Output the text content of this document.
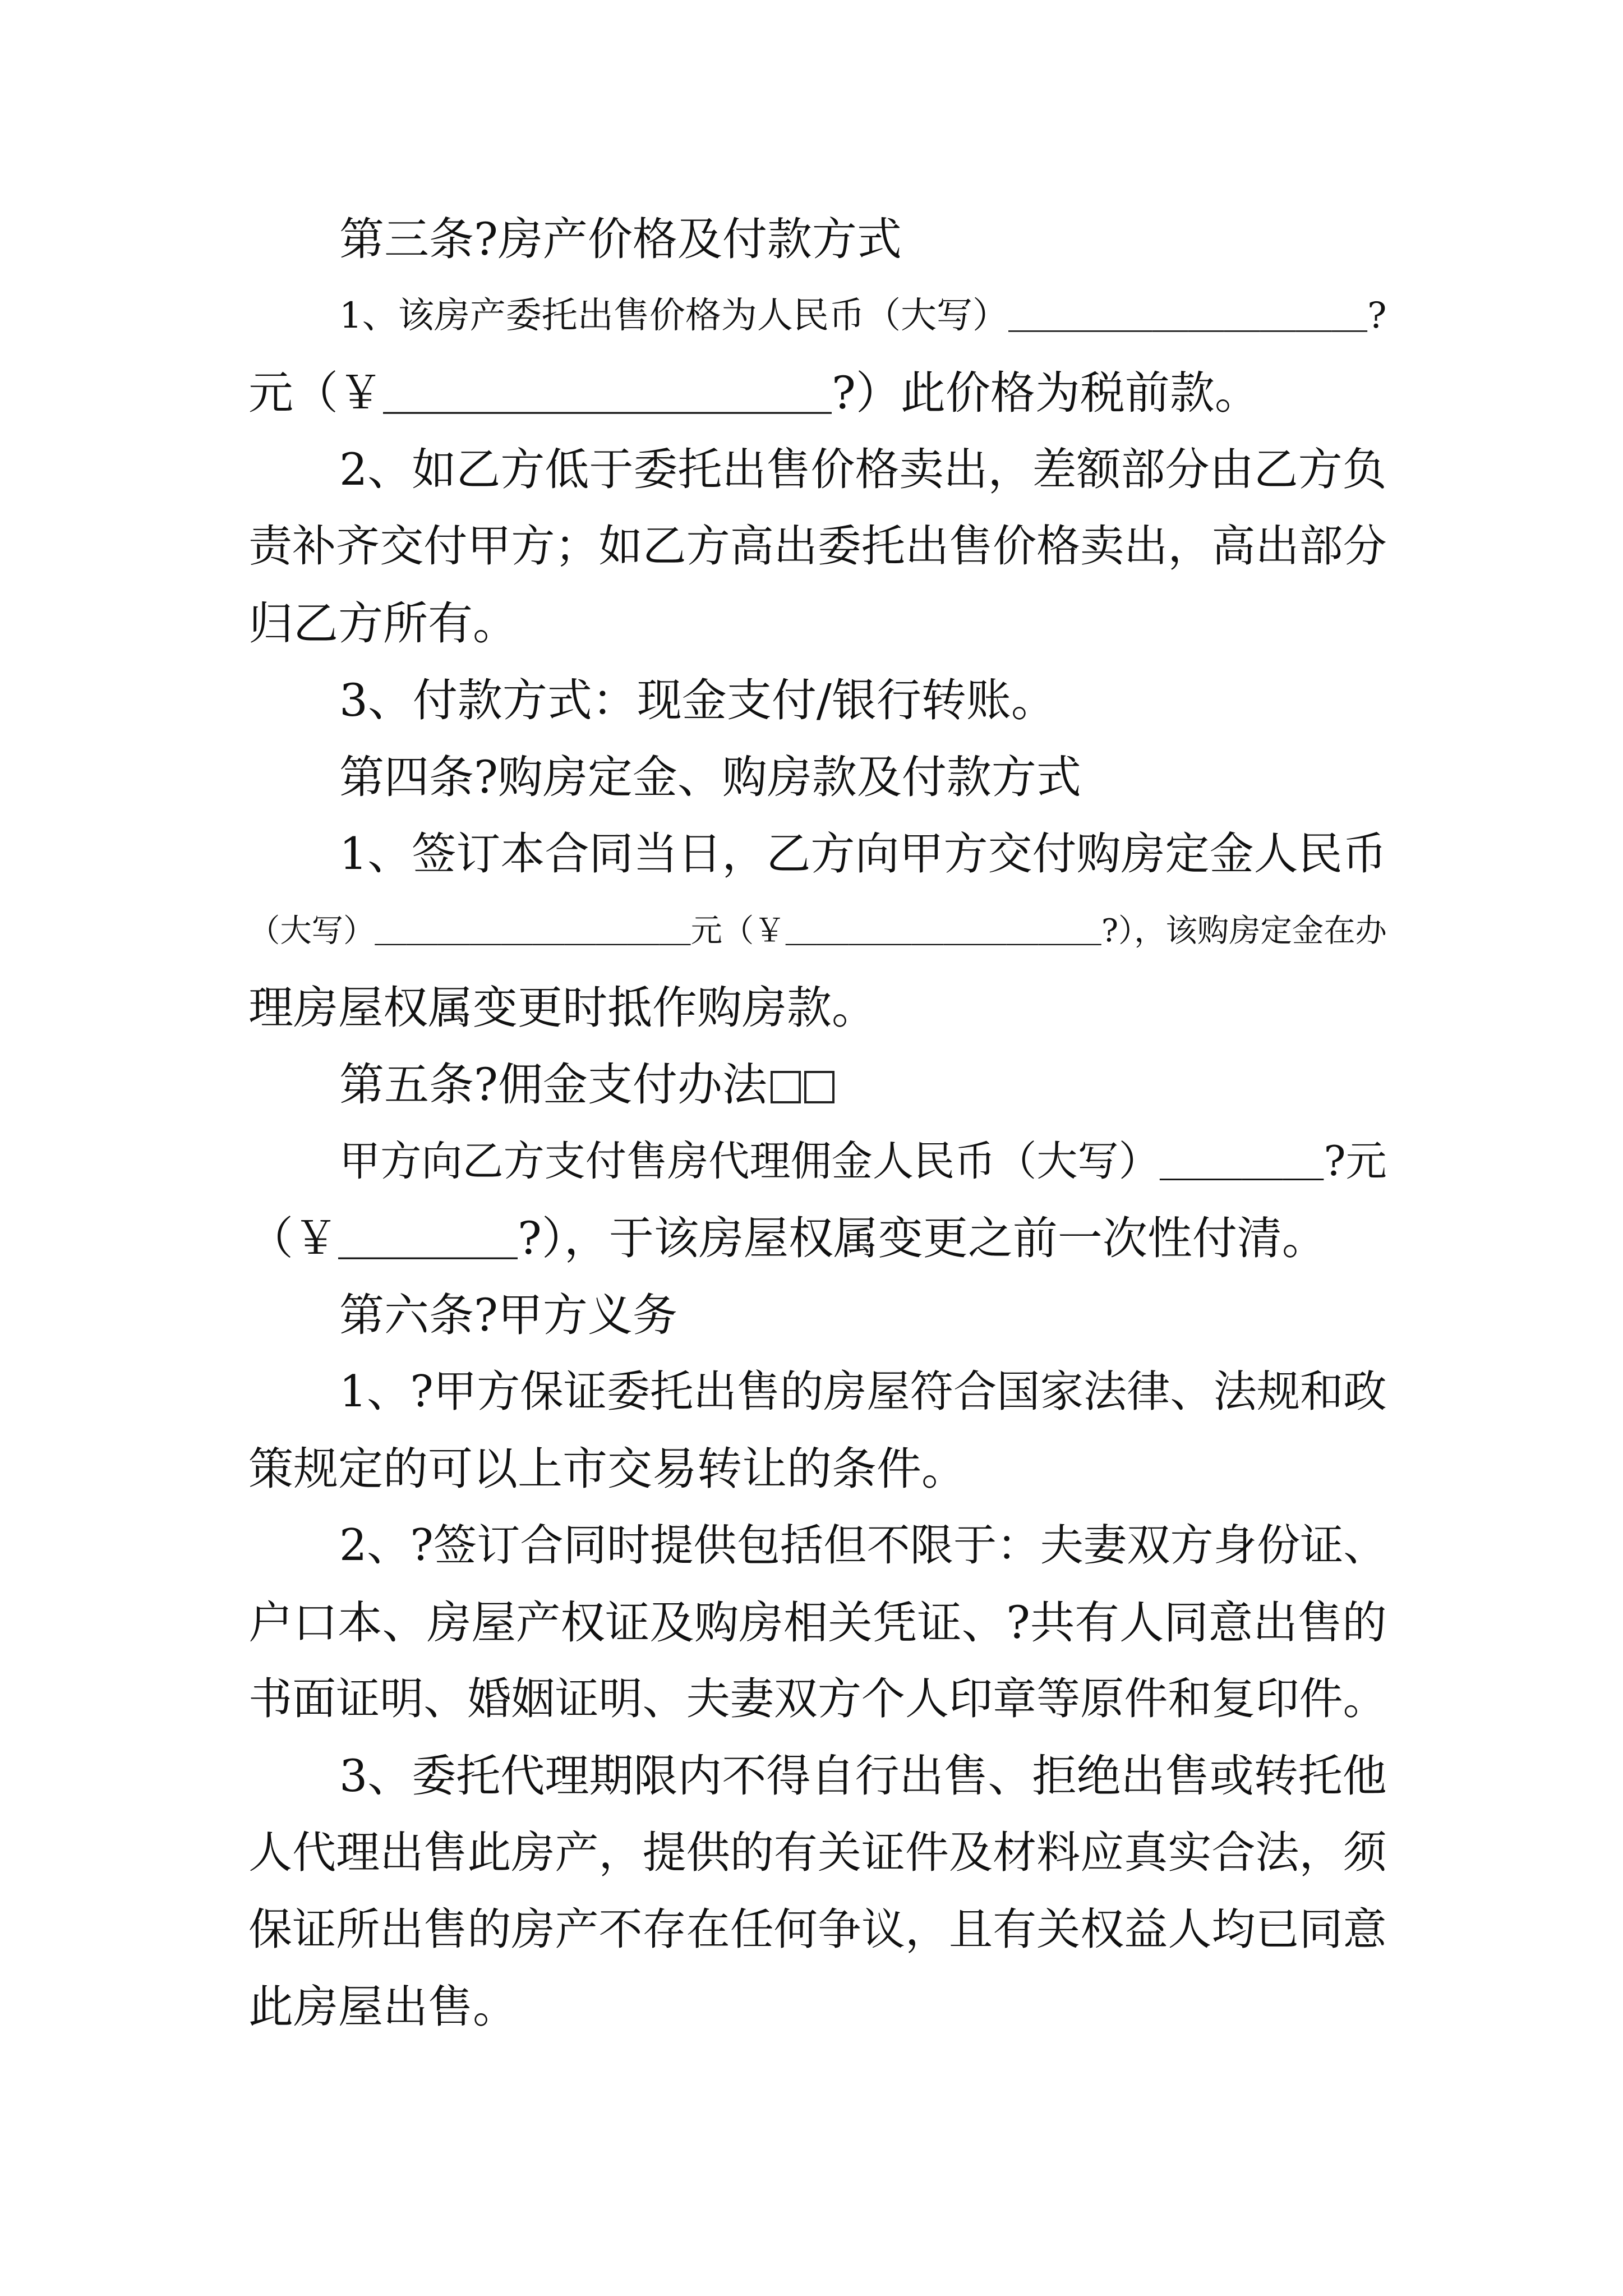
第三条?房产价格及付款方式
1、该房产委托出售价格为人民币（大写）＿＿＿＿＿＿＿＿＿＿?
元（￥＿＿＿＿＿＿＿＿＿＿?）此价格为税前款。
2、如乙方低于委托出售价格卖出，差额部分由乙方负
责补齐交付甲方；如乙方高出委托出售价格卖出，高出部分
归乙方所有。
3、付款方式：现金支付/银行转账。
第四条?购房定金、购房款及付款方式
1、签订本合同当日，乙方向甲方交付购房定金人民币
（大写）＿＿＿＿＿＿＿＿＿＿元（￥＿＿＿＿＿＿＿＿＿＿?），该购房定金在办
理房屋权属变更时抵作购房款。
第五条?佣金支付办法
甲方向乙方支付售房代理佣金人民币（大写）＿＿＿＿?元
（￥＿＿＿＿?），于该房屋权属变更之前一次性付清。
第六条?甲方义务
1、?甲方保证委托出售的房屋符合国家法律、法规和政
策规定的可以上市交易转让的条件。
2、?签订合同时提供包括但不限于：夫妻双方身份证、
户口本、房屋产权证及购房相关凭证、?共有人同意出售的
书面证明、婚姻证明、夫妻双方个人印章等原件和复印件。
3、委托代理期限内不得自行出售、拒绝出售或转托他
人代理出售此房产，提供的有关证件及材料应真实合法，须
保证所出售的房产不存在任何争议，且有关权益人均已同意
此房屋出售。
